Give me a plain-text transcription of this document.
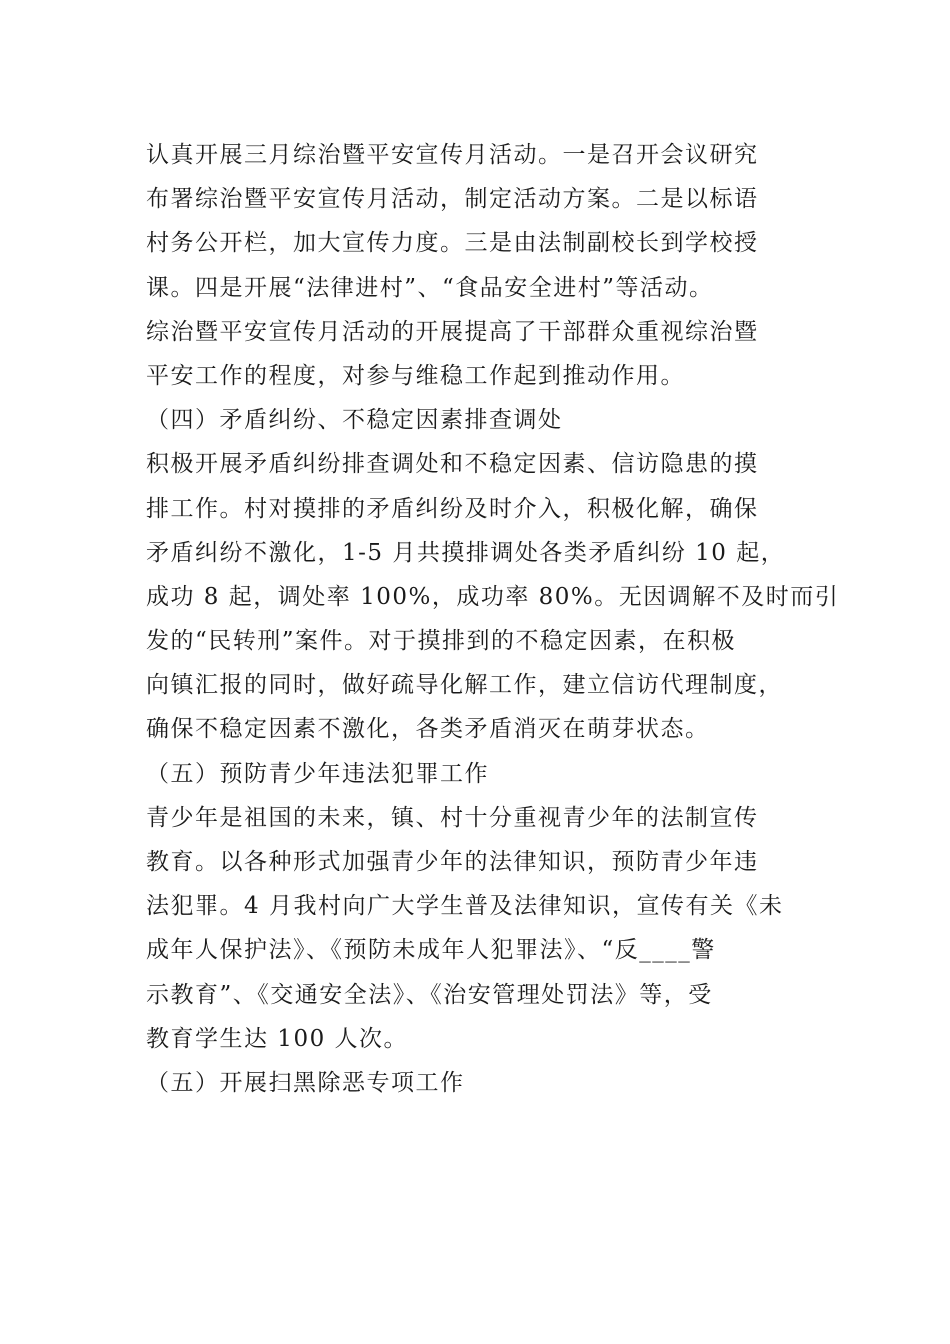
认真开展三月综治暨平安宣传月活动。一是召开会议研究
布署综治暨平安宣传月活动，制定活动方案。二是以标语
村务公开栏，加大宣传力度。三是由法制副校长到学校授
课。四是开展“法律进村”、“食品安全进村”等活动。
综治暨平安宣传月活动的开展提高了干部群众重视综治暨
平安工作的程度，对参与维稳工作起到推动作用。
（四）矛盾纠纷、不稳定因素排查调处
积极开展矛盾纠纷排查调处和不稳定因素、信访隐患的摸
排工作。村对摸排的矛盾纠纷及时介入，积极化解，确保
矛盾纠纷不激化，1-5 月共摸排调处各类矛盾纠纷 10 起，
成功 8 起，调处率 100%，成功率 80%。无因调解不及时而引
发的“民转刑”案件。对于摸排到的不稳定因素，在积极
向镇汇报的同时，做好疏导化解工作，建立信访代理制度，
确保不稳定因素不激化，各类矛盾消灭在萌芽状态。
（五）预防青少年违法犯罪工作
青少年是祖国的未来，镇、村十分重视青少年的法制宣传
教育。以各种形式加强青少年的法律知识，预防青少年违
法犯罪。4 月我村向广大学生普及法律知识，宣传有关《未
成年人保护法》、《预防未成年人犯罪法》、“反____警
示教育”、《交通安全法》、《治安管理处罚法》等，受
教育学生达 100 人次。
（五）开展扫黑除恶专项工作
